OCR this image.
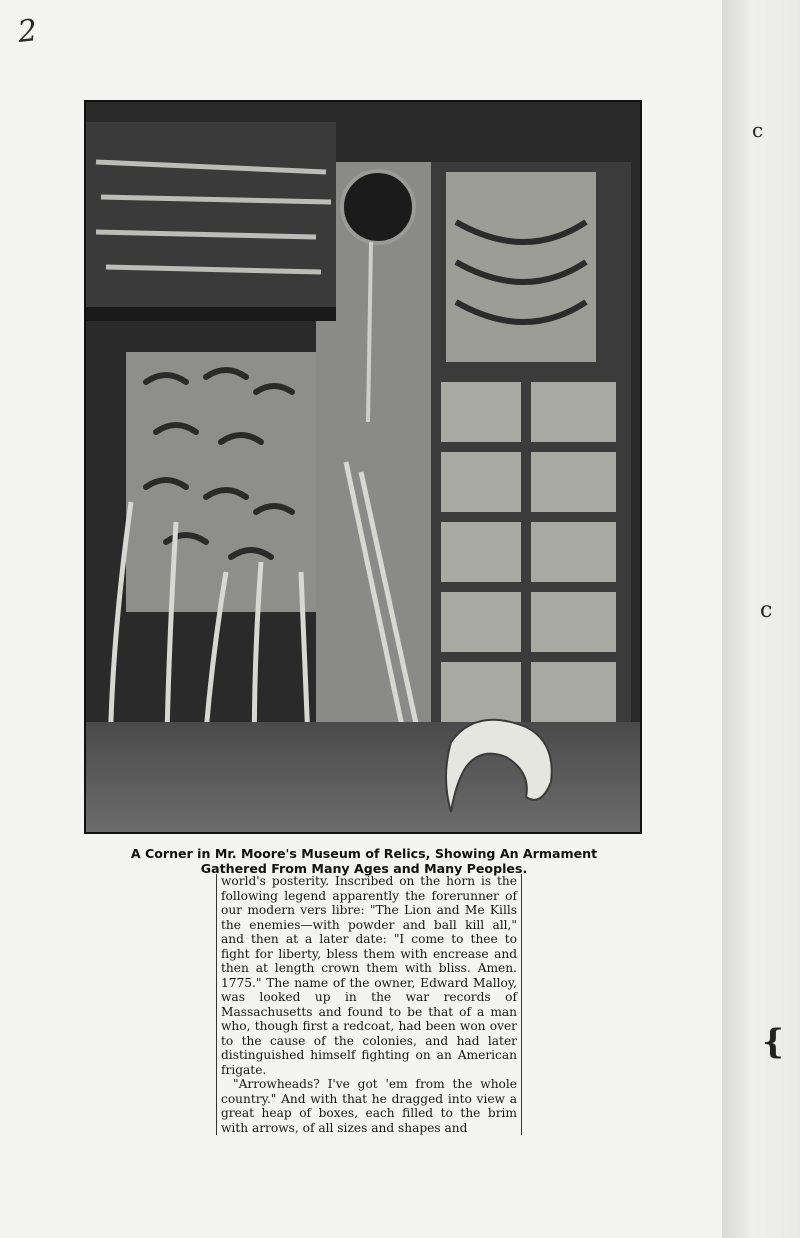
2
A Corner in Mr. Moore's Museum of Relics, Showing An Armament
Gathered From Many Ages and Many Peoples.

world's posterity. Inscribed on the horn is the following legend apparently the forerunner of our modern vers libre: "The Lion and Me Kills the enemies—with powder and ball kill all," and then at a later date: "I come to thee to fight for liberty, bless them with encrease and then at length crown them with bliss. Amen. 1775." The name of the owner, Edward Malloy, was looked up in the war records of Massachusetts and found to be that of a man who, though first a redcoat, had been won over to the cause of the colonies, and had later distinguished himself fighting on an American frigate.

"Arrowheads? I've got 'em from the whole country." And with that he dragged into view a great heap of boxes, each filled to the brim with arrows, of all sizes and shapes and

c
c
{
